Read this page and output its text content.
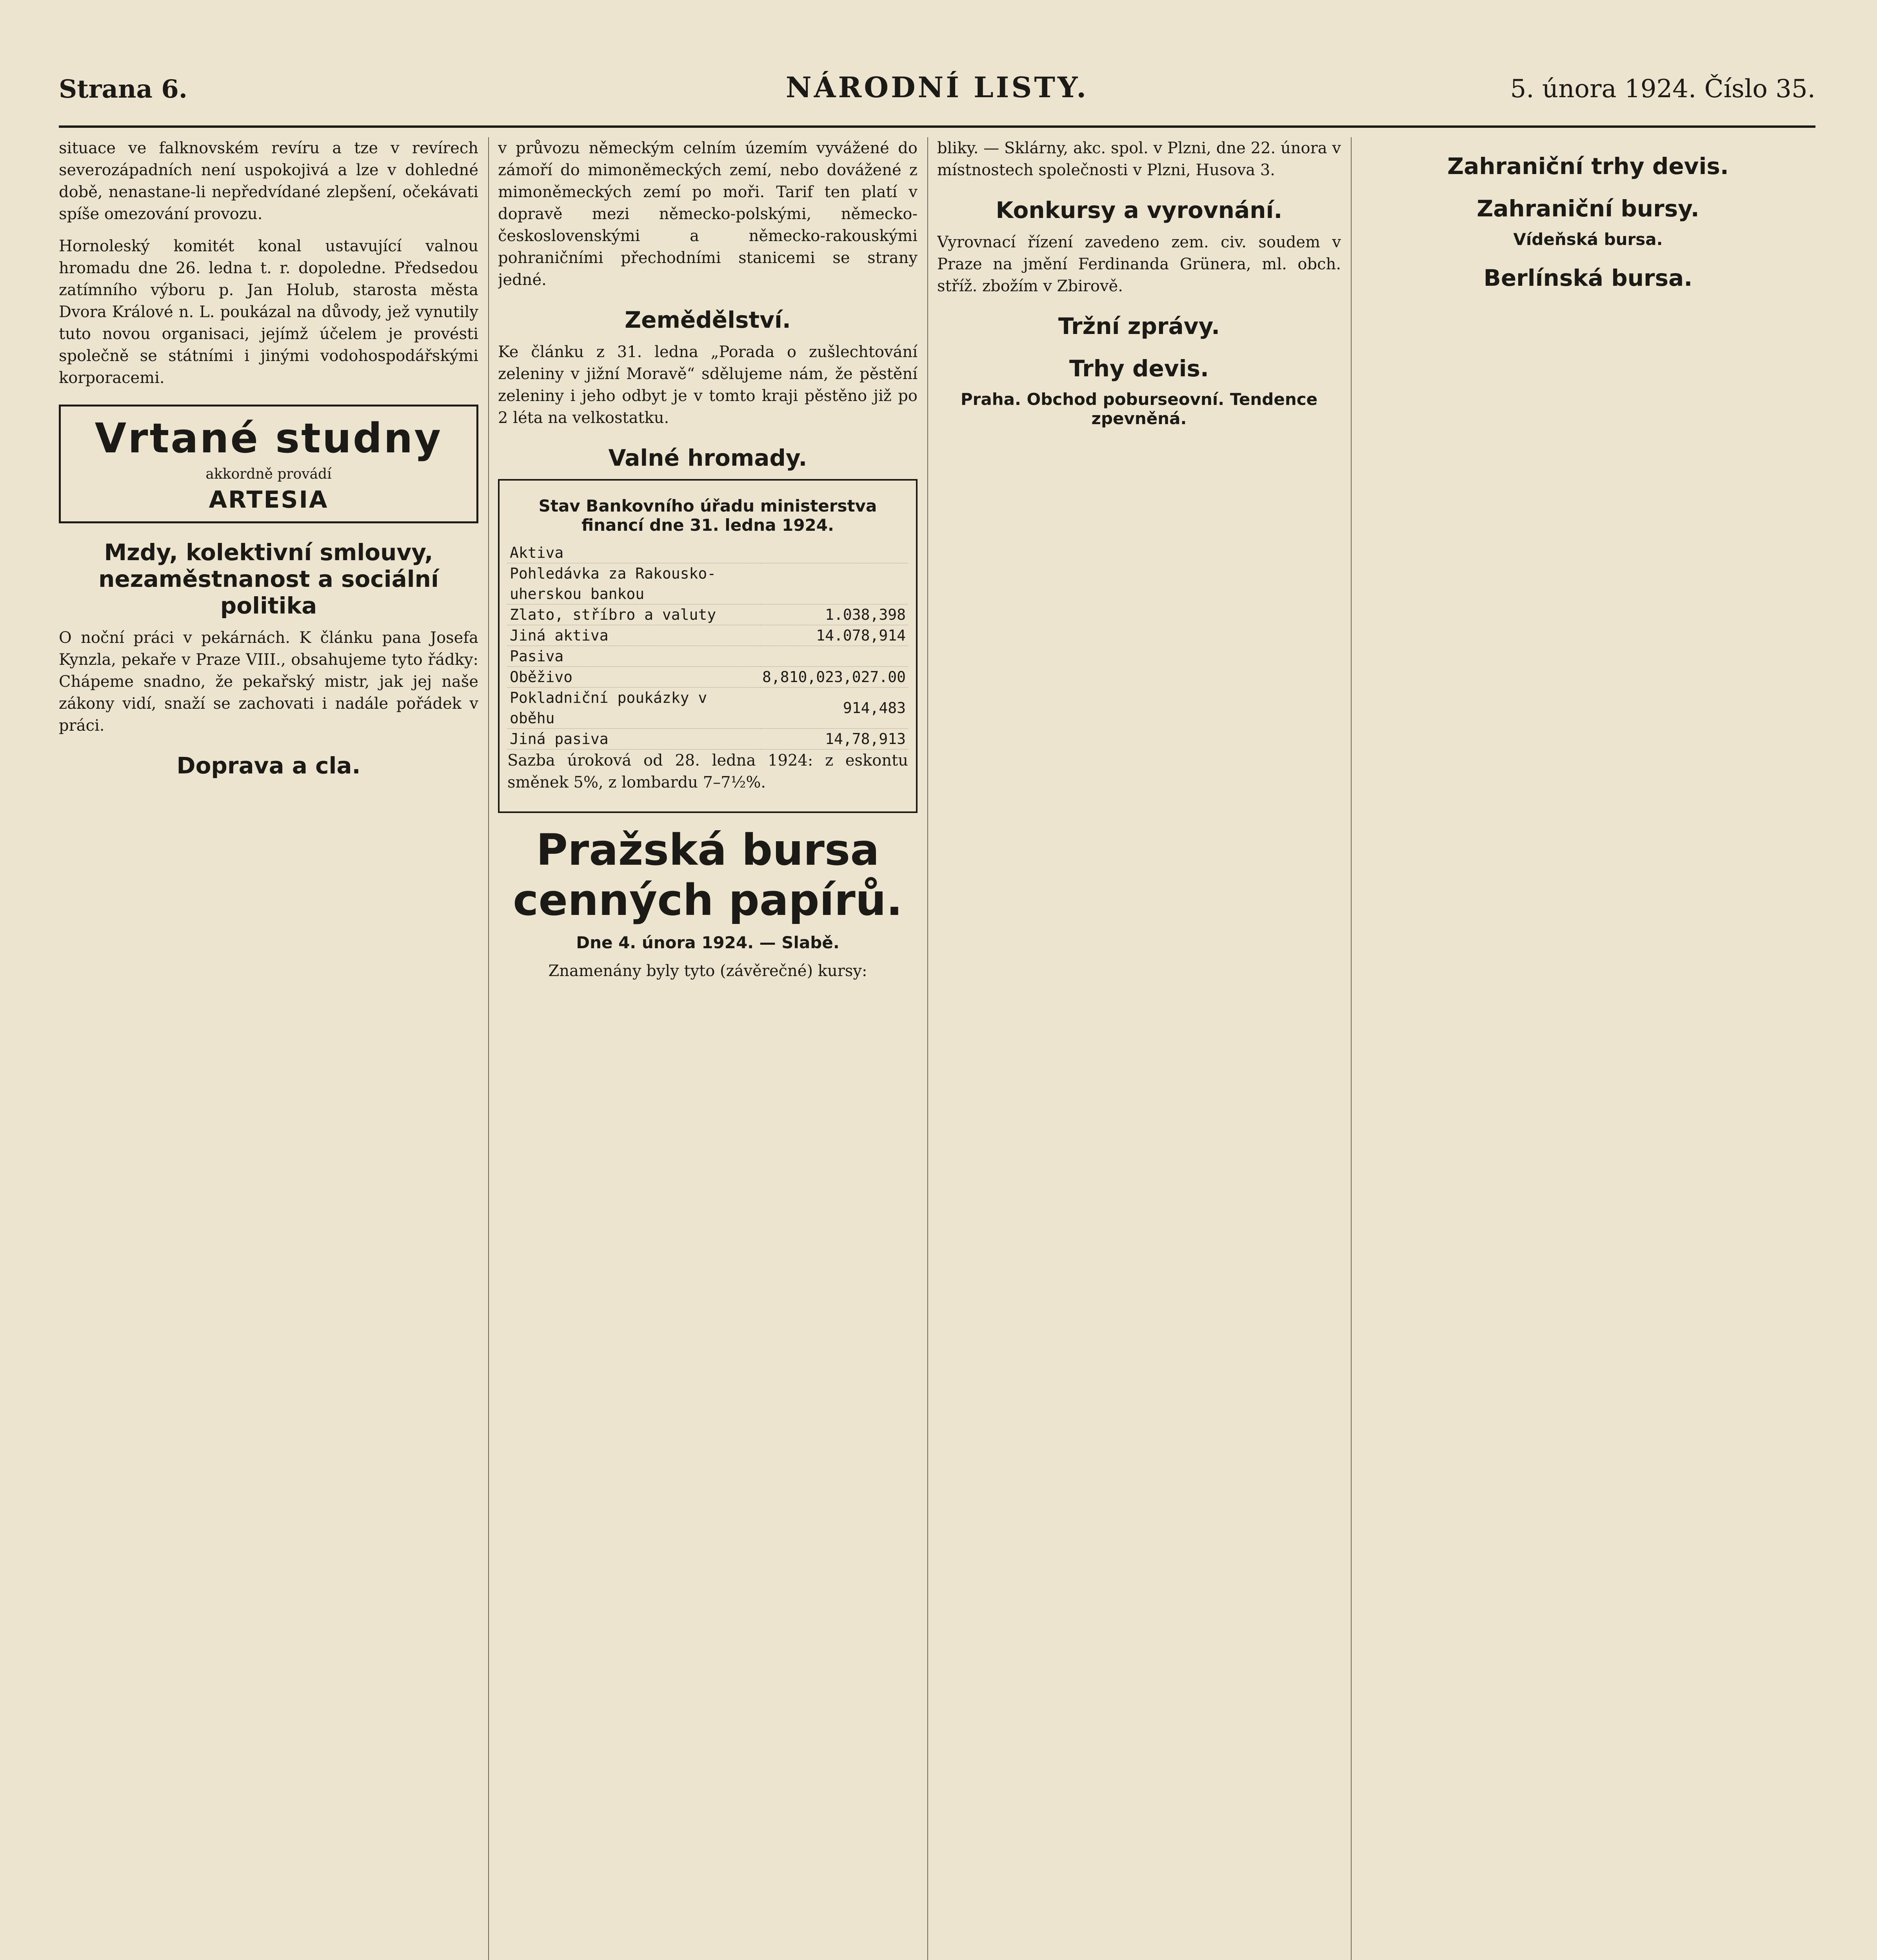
Strana 6.	NÁRODNÍ LISTY.	5. února 1924. Číslo 35.

situace ve falknovském revíru a tze v revírech severozápadních není uspokojivá a lze v dohledné době, nenastane-li nepředvídané zlepšení, očekávati spíše omezování provozu.

Hornoleský komitét konal ustavující valnou hromadu dne 26. ledna t. r. dopoledne. Předsedou zatímního výboru p. Jan Holub, starosta města Dvora Králové n. L. poukázal na důvody, jež vynutily tuto novou organisaci, jejímž účelem je provésti společně se státními i jinými vodohospodářskými korporacemi.

Vrtané studny
akkordně provádí
ARTESIA
Mzdy, kolektivní smlouvy, nezaměstnanost a sociální politika

O noční práci v pekárnách. K článku pana Josefa Kynzla, pekaře v Praze VIII., obsahujeme tyto řádky: Chápeme snadno, že pekařský mistr, jak jej naše zákony vidí, snaží se zachovati i nadále pořádek v práci.

Doprava a cla.

v průvozu německým celním územím vyvážené do zámoří do mimoněmeckých zemí, nebo dovážené z mimoněmeckých zemí po moři. Tarif ten platí v dopravě mezi německo-polskými, německo-československými a německo-rakouskými pohraničními přechodními stanicemi se strany jedné.

Zemědělství.

Ke článku z 31. ledna „Porada o zušlechtování zeleniny v jižní Moravě“ sdělujeme nám, že pěstění zeleniny i jeho odbyt je v tomto kraji pěstěno již po 2 léta na velkostatku.

Valné hromady.
Stav Bankovního úřadu ministerstva financí dne 31. ledna 1924.
Aktiva	
Pohledávka za Rakousko-uherskou bankou	
Zlato, stříbro a valuty	1.038,398
Jiná aktiva	14.078,914
Pasiva	
Oběživo	8,810,023,027.00
Pokladniční poukázky v oběhu	914,483
Jiná pasiva	14,78,913

Sazba úroková od 28. ledna 1924: z eskontu směnek 5%, z lombardu 7–7½%.

Pražská bursa cenných papírů.
Dne 4. února 1924. — Slabě.

Znamenány byly tyto (závěrečné) kursy:

bliky. — Sklárny, akc. spol. v Plzni, dne 22. února v místnostech společnosti v Plzni, Husova 3.

Konkursy a vyrovnání.

Vyrovnací řízení zavedeno zem. civ. soudem v Praze na jmění Ferdinanda Grünera, ml. obch. stříž. zbožím v Zbirově.

Tržní zprávy.
Trhy devis.
Praha. Obchod poburseovní. Tendence zpevněná.
Zahraniční trhy devis.
Zahraniční bursy.
Vídeňská bursa.
Berlínská bursa.
